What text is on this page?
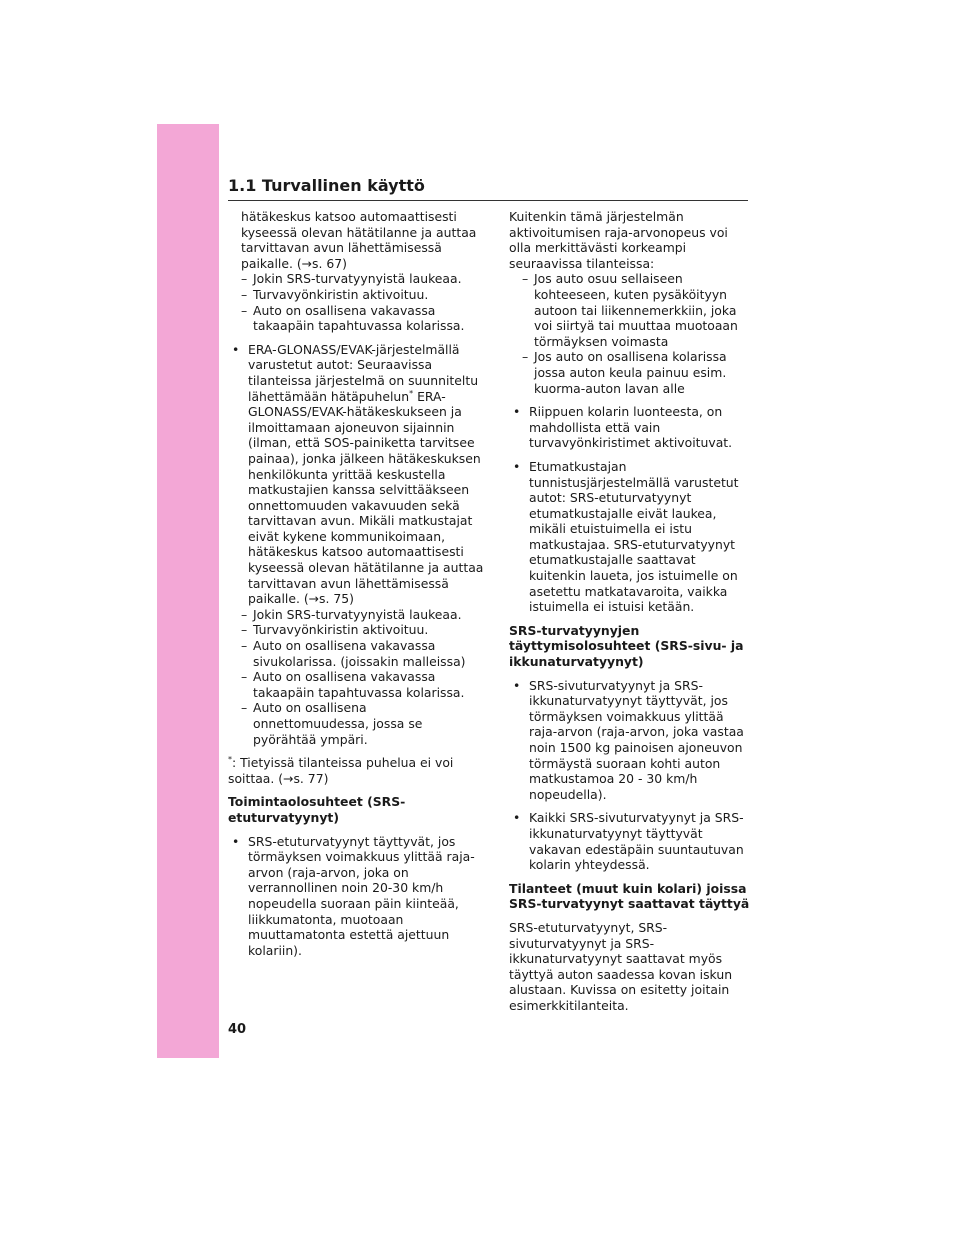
1.1 Turvallinen käyttö

hätäkeskus katsoo automaattisesti kyseessä olevan hätätilanne ja auttaa tarvittavan avun lähettämisessä paikalle. (→s. 67)

– Jokin SRS-turvatyynyistä laukeaa.
– Turvavyönkiristin aktivoituu.
– Auto on osallisena vakavassa takaapäin tapahtuvassa kolarissa.
• ERA-GLONASS/EVAK-järjestelmällä varustetut autot: Seuraavissa tilanteissa järjestelmä on suunniteltu lähettämään hätäpuhelun* ERA-GLONASS/EVAK-hätäkeskukseen ja ilmoittamaan ajoneuvon sijainnin (ilman, että SOS-painiketta tarvitsee painaa), jonka jälkeen hätäkeskuksen henkilökunta yrittää keskustella matkustajien kanssa selvittääkseen onnettomuuden vakavuuden sekä tarvittavan avun. Mikäli matkustajat eivät kykene kommunikoimaan, hätäkeskus katsoo automaattisesti kyseessä olevan hätätilanne ja auttaa tarvittavan avun lähettämisessä paikalle. (→s. 75)
– Jokin SRS-turvatyynyistä laukeaa.
– Turvavyönkiristin aktivoituu.
– Auto on osallisena vakavassa sivukolarissa. (joissakin malleissa)
– Auto on osallisena vakavassa takaapäin tapahtuvassa kolarissa.
– Auto on osallisena onnettomuudessa, jossa se pyörähtää ympäri.

*: Tietyissä tilanteissa puhelua ei voi soittaa. (→s. 77)

Toimintaolosuhteet (SRS-etuturvatyynyt)

• SRS-etuturvatyynyt täyttyvät, jos törmäyksen voimakkuus ylittää raja-arvon (raja-arvon, joka on verrannollinen noin 20-30 km/h nopeudella suoraan päin kiinteää, liikkumatonta, muotoaan muuttamatonta estettä ajettuun kolariin).

Kuitenkin tämä järjestelmän aktivoitumisen raja-arvonopeus voi olla merkittävästi korkeampi seuraavissa tilanteissa:

– Jos auto osuu sellaiseen kohteeseen, kuten pysäköityyn autoon tai liikennemerkkiin, joka voi siirtyä tai muuttaa muotoaan törmäyksen voimasta
– Jos auto on osallisena kolarissa jossa auton keula painuu esim. kuorma-auton lavan alle
• Riippuen kolarin luonteesta, on mahdollista että vain turvavyönkiristimet aktivoituvat.
• Etumatkustajan tunnistusjärjestelmällä varustetut autot: SRS-etuturvatyynyt etumatkustajalle eivät laukea, mikäli etuistuimella ei istu matkustajaa. SRS-etuturvatyynyt etumatkustajalle saattavat kuitenkin laueta, jos istuimelle on asetettu matkatavaroita, vaikka istuimella ei istuisi ketään.

SRS-turvatyynyjen täyttymisolosuhteet (SRS-sivu- ja ikkunaturvatyynyt)

• SRS-sivuturvatyynyt ja SRS-ikkunaturvatyynyt täyttyvät, jos törmäyksen voimakkuus ylittää raja-arvon (raja-arvon, joka vastaa noin 1500 kg painoisen ajoneuvon törmäystä suoraan kohti auton matkustamoa 20 - 30 km/h nopeudella).
• Kaikki SRS-sivuturvatyynyt ja SRS-ikkunaturvatyynyt täyttyvät vakavan edestäpäin suuntautuvan kolarin yhteydessä.

Tilanteet (muut kuin kolari) joissa SRS-turvatyynyt saattavat täyttyä

SRS-etuturvatyynyt, SRS-sivuturvatyynyt ja SRS-ikkunaturvatyynyt saattavat myös täyttyä auton saadessa kovan iskun alustaan. Kuvissa on esitetty joitain esimerkkitilanteita.

40
